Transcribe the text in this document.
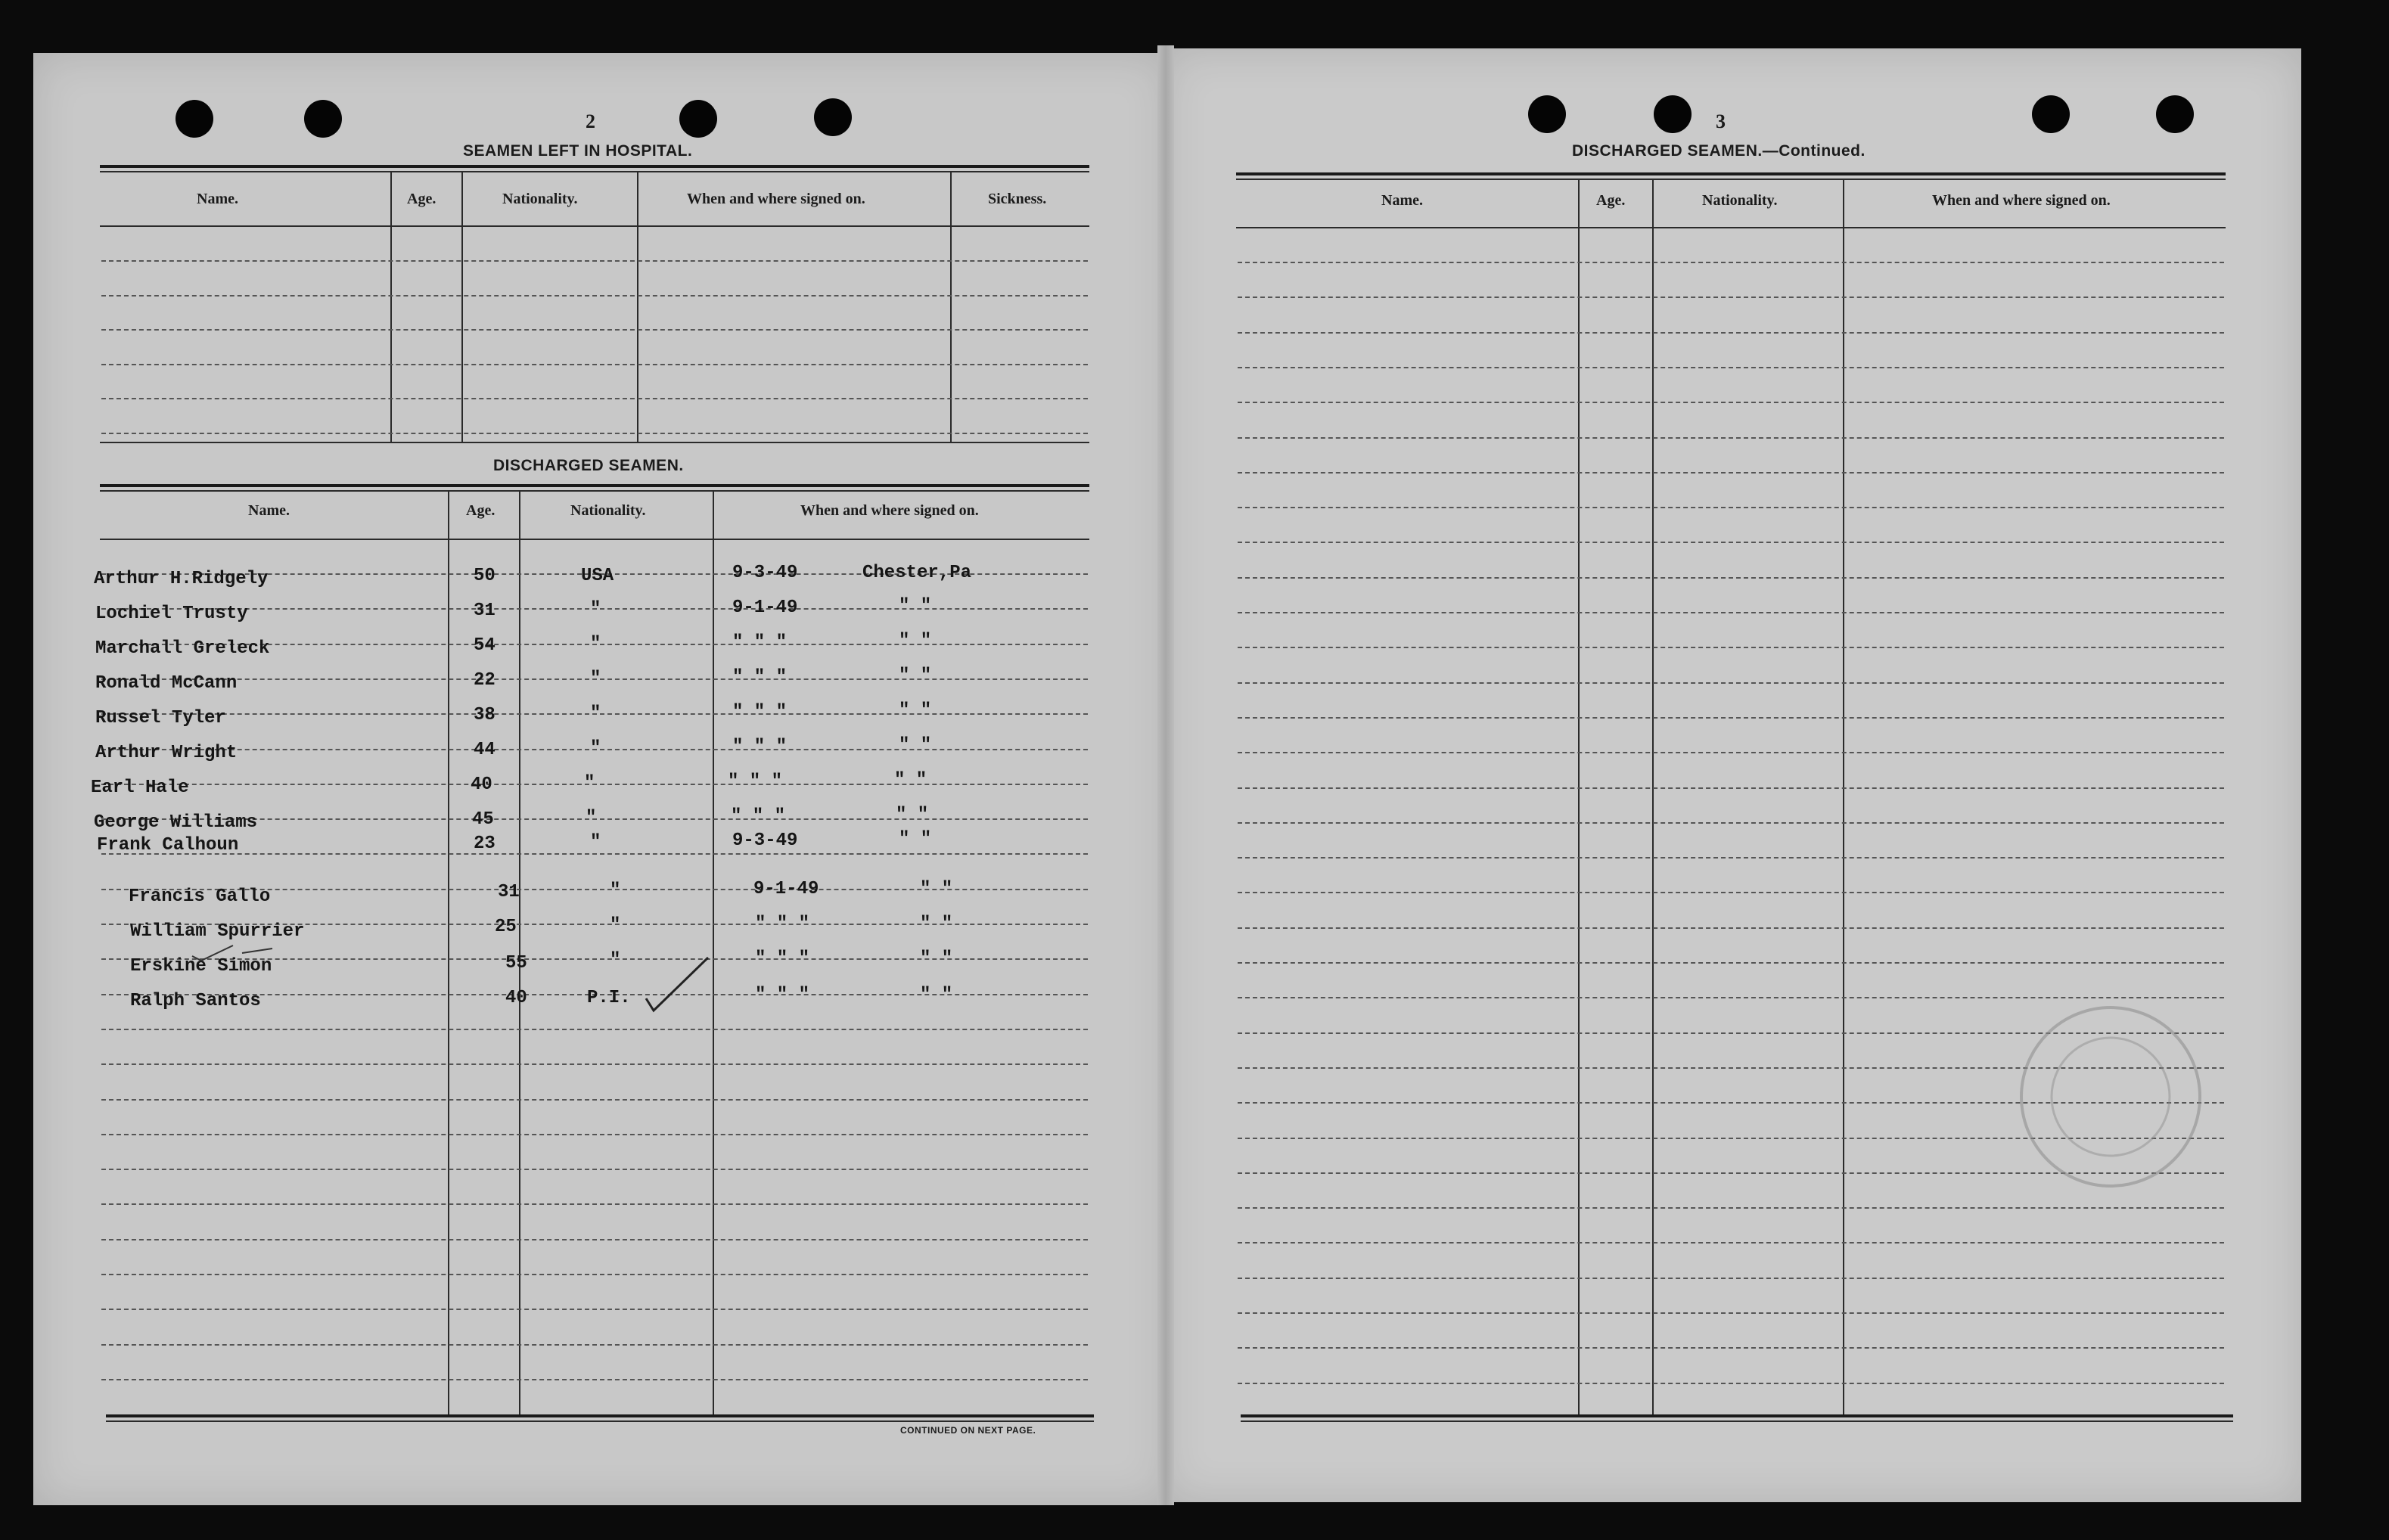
2
SEAMEN LEFT IN HOSPITAL.
Name.	Age.	Nationality.	When and where signed on.	Sickness.
DISCHARGED SEAMEN.
Name.	Age.	Nationality.	When and where signed on.
CONTINUED ON NEXT PAGE.
Arthur H.Ridgely	50	USA	9-3-49	Chester,Pa
Lochiel Trusty	31	"	9-1-49	" "
Marchall Greleck	54	"	" " "	" "
Ronald McCann	22	"	" " "	" "
Russel Tyler	38	"	" " "	" "
Arthur Wright	44	"	" " "	" "
Earl Hale	40	"	" " "	" "
George Williams	45	"	" " "	" "
Frank Calhoun	23	"	9-3-49	" "
Francis Gallo	31	"	9-1-49	" "
William Spurrier	25	"	" " "	" "
Erskine Simon	55	"	" " "	" "
Ralph Santos	40	P.I.	" " "	" "
3
DISCHARGED SEAMEN.—Continued.
Name.	Age.	Nationality.	When and where signed on.
